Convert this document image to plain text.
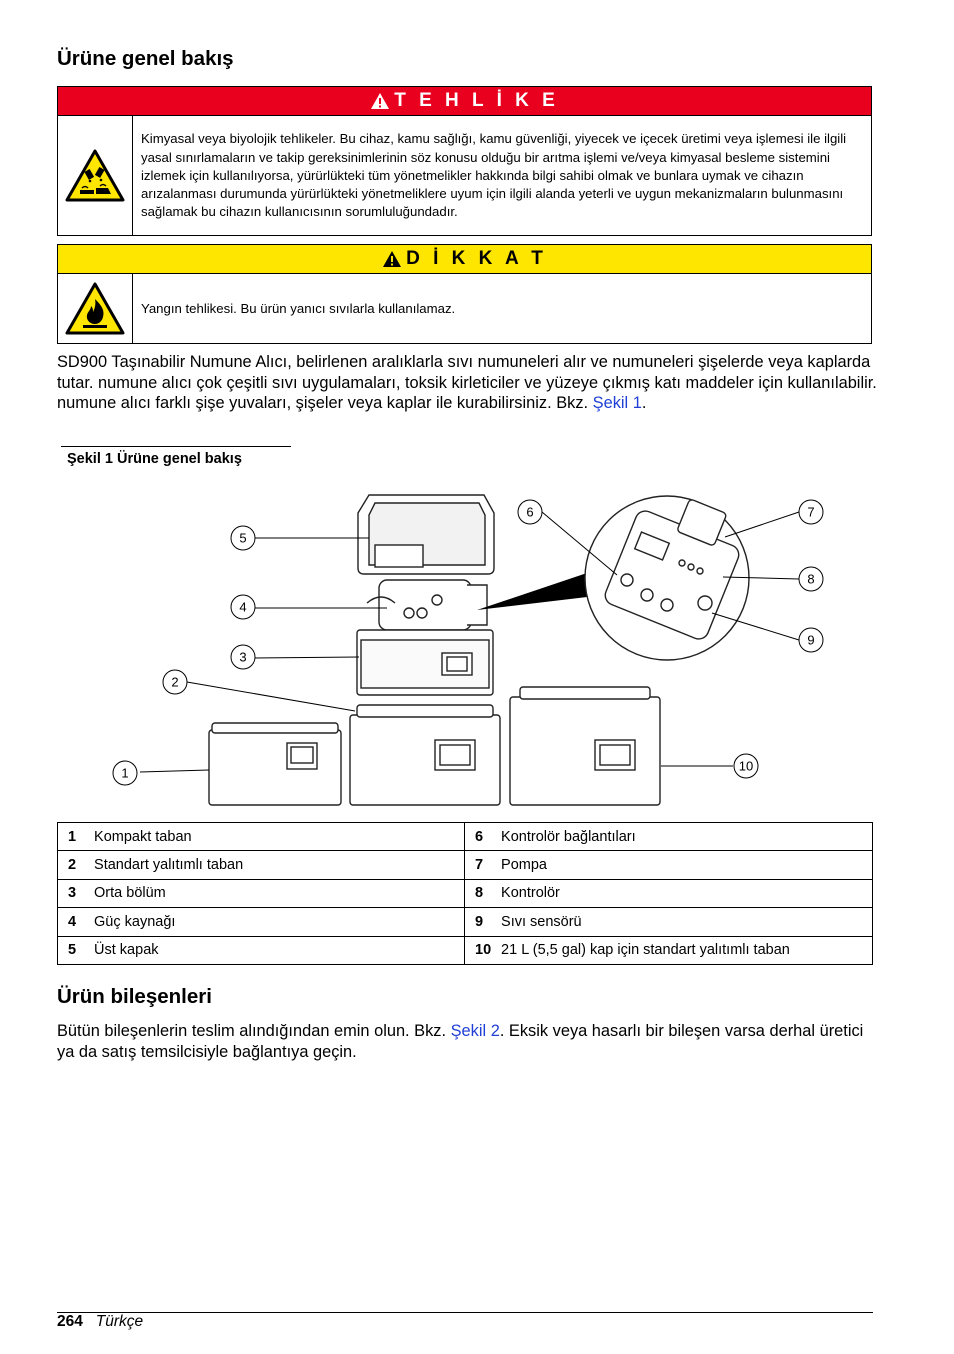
Ürüne genel bakış
T E H L İ K E
Kimyasal veya biyolojik tehlikeler. Bu cihaz, kamu sağlığı, kamu güvenliği, yiyecek ve içecek üretimi veya işlemesi ile ilgili yasal sınırlamaların ve takip gereksinimlerinin söz konusu olduğu bir arıtma işlemi ve/veya kimyasal besleme sistemini izlemek için kullanılıyorsa, yürürlükteki tüm yönetmelikler hakkında bilgi sahibi olmak ve bunlara uymak ve cihazın arızalanması durumunda yürürlükteki yönetmeliklere uyum için ilgili alanda yeterli ve uygun mekanizmaların bulunmasını sağlamak bu cihazın kullanıcısının sorumluluğundadır.
D İ K K A T
Yangın tehlikesi. Bu ürün yanıcı sıvılarla kullanılamaz.
SD900 Taşınabilir Numune Alıcı, belirlenen aralıklarla sıvı numuneleri alır ve numuneleri şişelerde veya kaplarda tutar. numune alıcı çok çeşitli sıvı uygulamaları, toksik kirleticiler ve yüzeye çıkmış katı maddeler için kullanılabilir. numune alıcı farklı şişe yuvaları, şişeler veya kaplar ile kurabilirsiniz. Bkz. Şekil 1.
Şekil 1 Ürüne genel bakış
1
2
3
4
5
6	7
8
9
10
1 Kompakt taban	6 Kontrolör bağlantıları
2 Standart yalıtımlı taban	7 Pompa
3 Orta bölüm	8 Kontrolör
4 Güç kaynağı	9 Sıvı sensörü
5 Üst kapak	10 21 L (5,5 gal) kap için standart yalıtımlı taban
Ürün bileşenleri
Bütün bileşenlerin teslim alındığından emin olun. Bkz. Şekil 2. Eksik veya hasarlı bir bileşen varsa derhal üretici ya da satış temsilcisiyle bağlantıya geçin.
264 Türkçe
